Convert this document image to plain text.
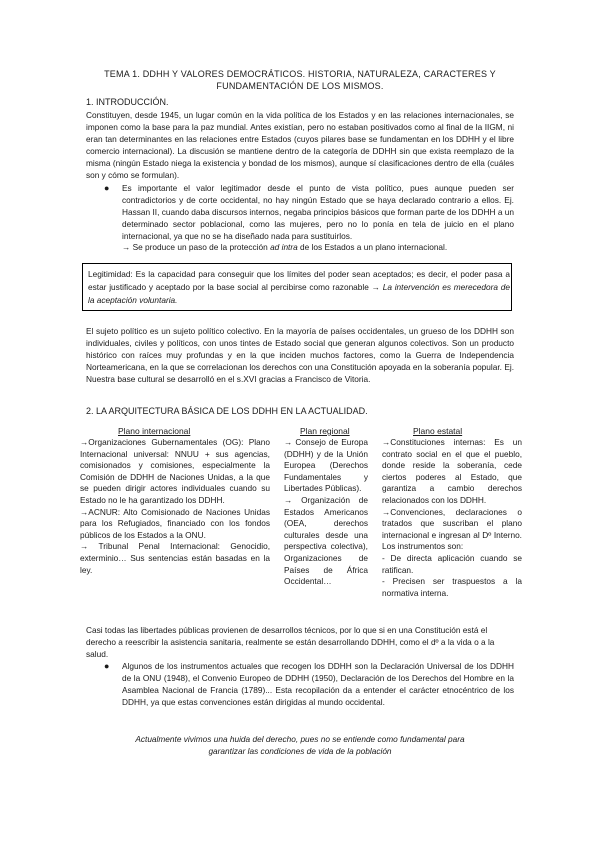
TEMA 1. DDHH Y VALORES DEMOCRÁTICOS. HISTORIA, NATURALEZA, CARACTERES Y
FUNDAMENTACIÓN DE LOS MISMOS.
1. INTRODUCCIÓN.
Constituyen, desde 1945, un lugar común en la vida política de los Estados y en las relaciones internacionales, se imponen como la base para la paz mundial. Antes existían, pero no estaban positivados como al final de la IIGM, ni eran tan determinantes en las relaciones entre Estados (cuyos pilares base se fundamentan en los DDHH y el libre comercio internacional). La discusión se mantiene dentro de la categoría de DDHH sin que exista reemplazo de la misma (ningún Estado niega la existencia y bondad de los mismos), aunque sí clasificaciones dentro de ella (cuáles son y cómo se formulan).
● Es importante el valor legitimador desde el punto de vista político, pues aunque pueden ser contradictorios y de corte occidental, no hay ningún Estado que se haya declarado contrario a ellos. Ej. Hassan II, cuando daba discursos internos, negaba principios básicos que forman parte de los DDHH a un determinado sector poblacional, como las mujeres, pero no lo ponía en tela de juicio en el plano internacional, ya que no se ha diseñado nada para sustituirlos.
→ Se produce un paso de la protección ad intra de los Estados a un plano internacional.
Legitimidad: Es la capacidad para conseguir que los límites del poder sean aceptados; es decir, el poder pasa a estar justificado y aceptado por la base social al percibirse como razonable → La intervención es merecedora de la aceptación voluntaria.
El sujeto político es un sujeto político colectivo. En la mayoría de países occidentales, un grueso de los DDHH son individuales, civiles y políticos, con unos tintes de Estado social que generan algunos colectivos. Son un producto histórico con raíces muy profundas y en la que inciden muchos factores, como la Guerra de Independencia Norteamericana, en la que se correlacionan los derechos con una Constitución apoyada en la soberanía popular. Ej. Nuestra base cultural se desarrolló en el s.XVI gracias a Francisco de Vitoria.
2. LA ARQUITECTURA BÁSICA DE LOS DDHH EN LA ACTUALIDAD.
Plano internacional	Plan regional	Plano estatal
→Organizaciones Gubernamentales (OG): Plano Internacional universal: NNUU + sus agencias, comisionados y comisiones, especialmente la Comisión de DDHH de Naciones Unidas, a la que se pueden dirigir actores individuales cuando su Estado no le ha garantizado los DDHH.
→ACNUR: Alto Comisionado de Naciones Unidas para los Refugiados, financiado con los fondos públicos de los Estados a la ONU.
→ Tribunal Penal Internacional: Genocidio, exterminio… Sus sentencias están basadas en la ley.
→ Consejo de Europa (DDHH) y de la Unión Europea (Derechos Fundamentales y Libertades Públicas).
→ Organización de Estados Americanos (OEA, derechos culturales desde una perspectiva colectiva), Organizaciones de Países de África Occidental…
→Constituciones internas: Es un contrato social en el que el pueblo, donde reside la soberanía, cede ciertos poderes al Estado, que garantiza a cambio derechos relacionados con los DDHH.
→Convenciones, declaraciones o tratados que suscriban el plano internacional e ingresan al Dº Interno. Los instrumentos son:
- De directa aplicación cuando se ratifican.
- Precisen ser traspuestos a la normativa interna.
Casi todas las libertades públicas provienen de desarrollos técnicos, por lo que si en una Constitución está el derecho a reescribir la asistencia sanitaria, realmente se están desarrollando DDHH, como el dº a la vida o a la salud.
● Algunos de los instrumentos actuales que recogen los DDHH son la Declaración Universal de los DDHH de la ONU (1948), el Convenio Europeo de DDHH (1950), Declaración de los Derechos del Hombre en la Asamblea Nacional de Francia (1789)... Esta recopilación da a entender el carácter etnocéntrico de los DDHH, ya que estas convenciones están dirigidas al mundo occidental.
Actualmente vivimos una huida del derecho, pues no se entiende como fundamental para
garantizar las condiciones de vida de la población
